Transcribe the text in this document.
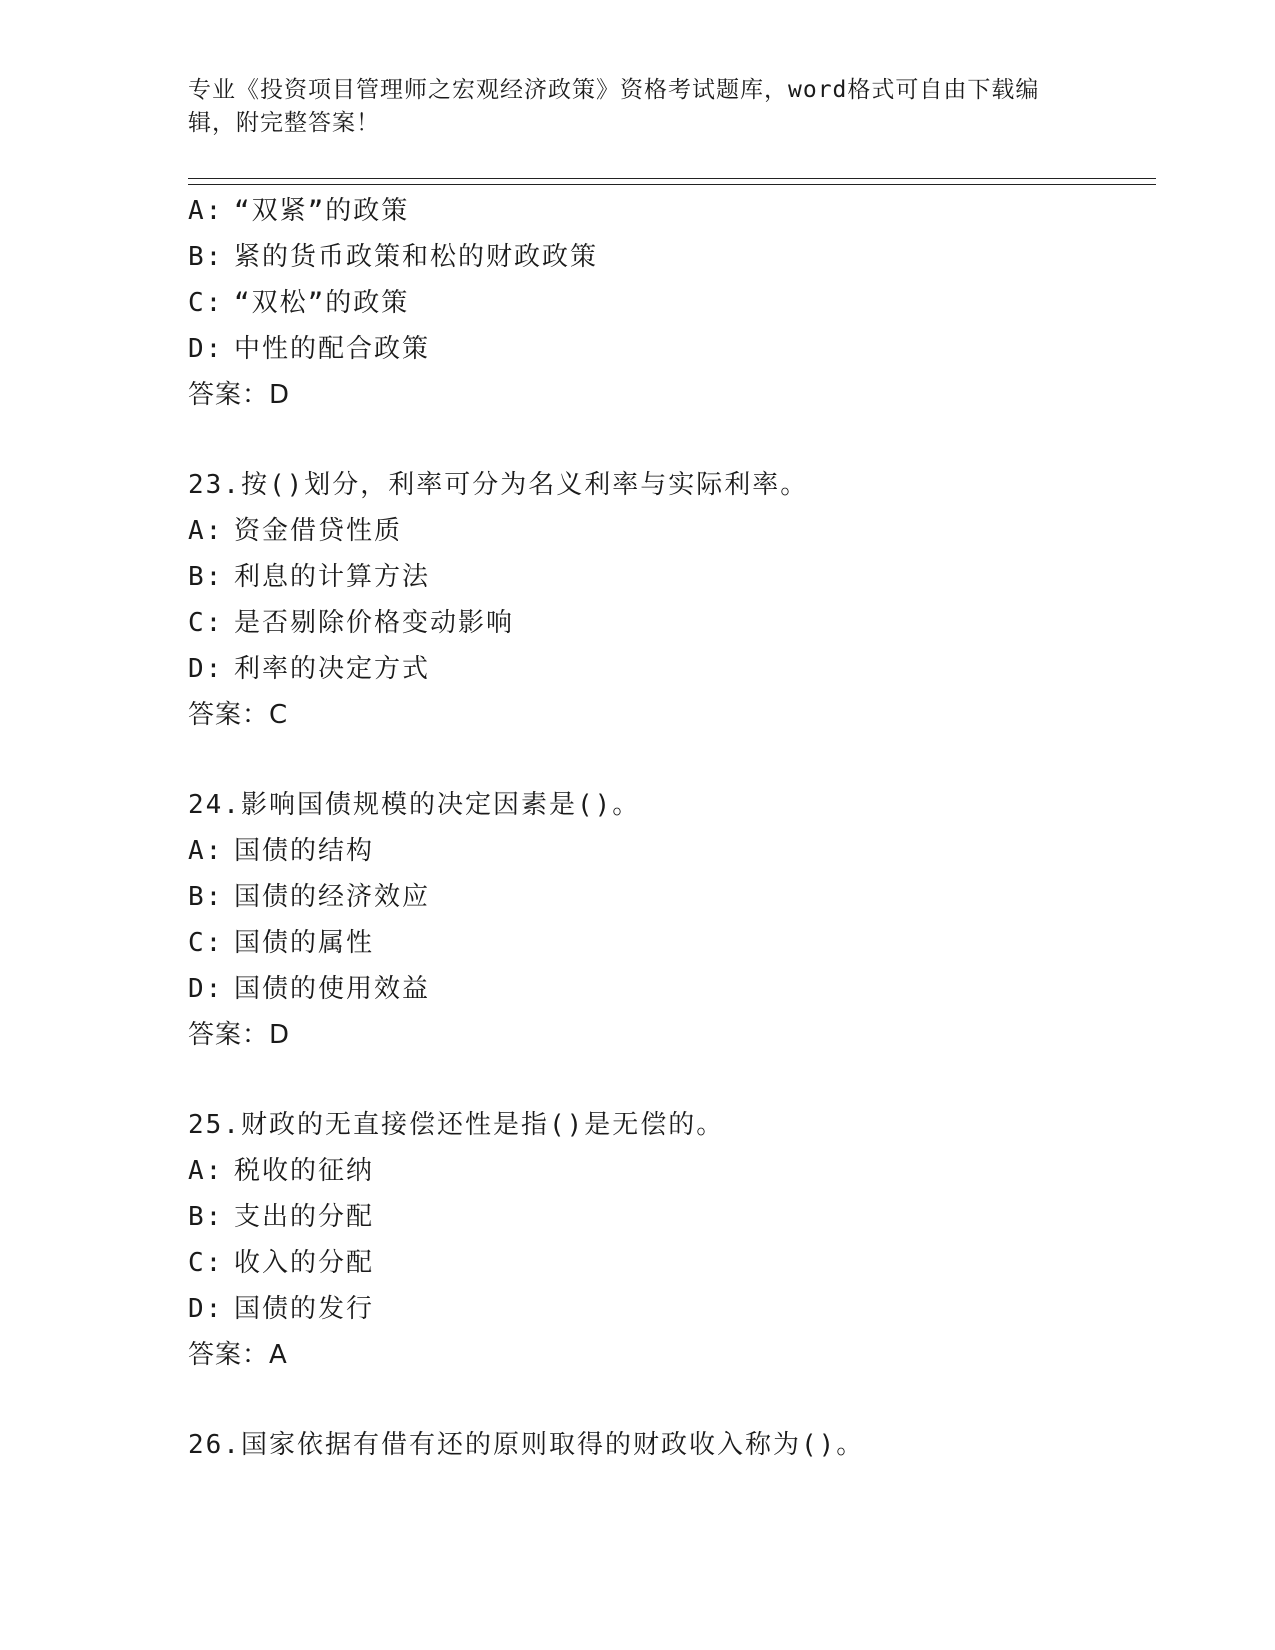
专业《投资项目管理师之宏观经济政策》资格考试题库，word格式可自由下载编
辑，附完整答案！
A: “双紧”的政策
B: 紧的货币政策和松的财政政策
C: “双松”的政策
D: 中性的配合政策
答案：D
23.按()划分，利率可分为名义利率与实际利率。
A: 资金借贷性质
B: 利息的计算方法
C: 是否剔除价格变动影响
D: 利率的决定方式
答案：C
24.影响国债规模的决定因素是()。
A: 国债的结构
B: 国债的经济效应
C: 国债的属性
D: 国债的使用效益
答案：D
25.财政的无直接偿还性是指()是无偿的。
A: 税收的征纳
B: 支出的分配
C: 收入的分配
D: 国债的发行
答案：A
26.国家依据有借有还的原则取得的财政收入称为()。
